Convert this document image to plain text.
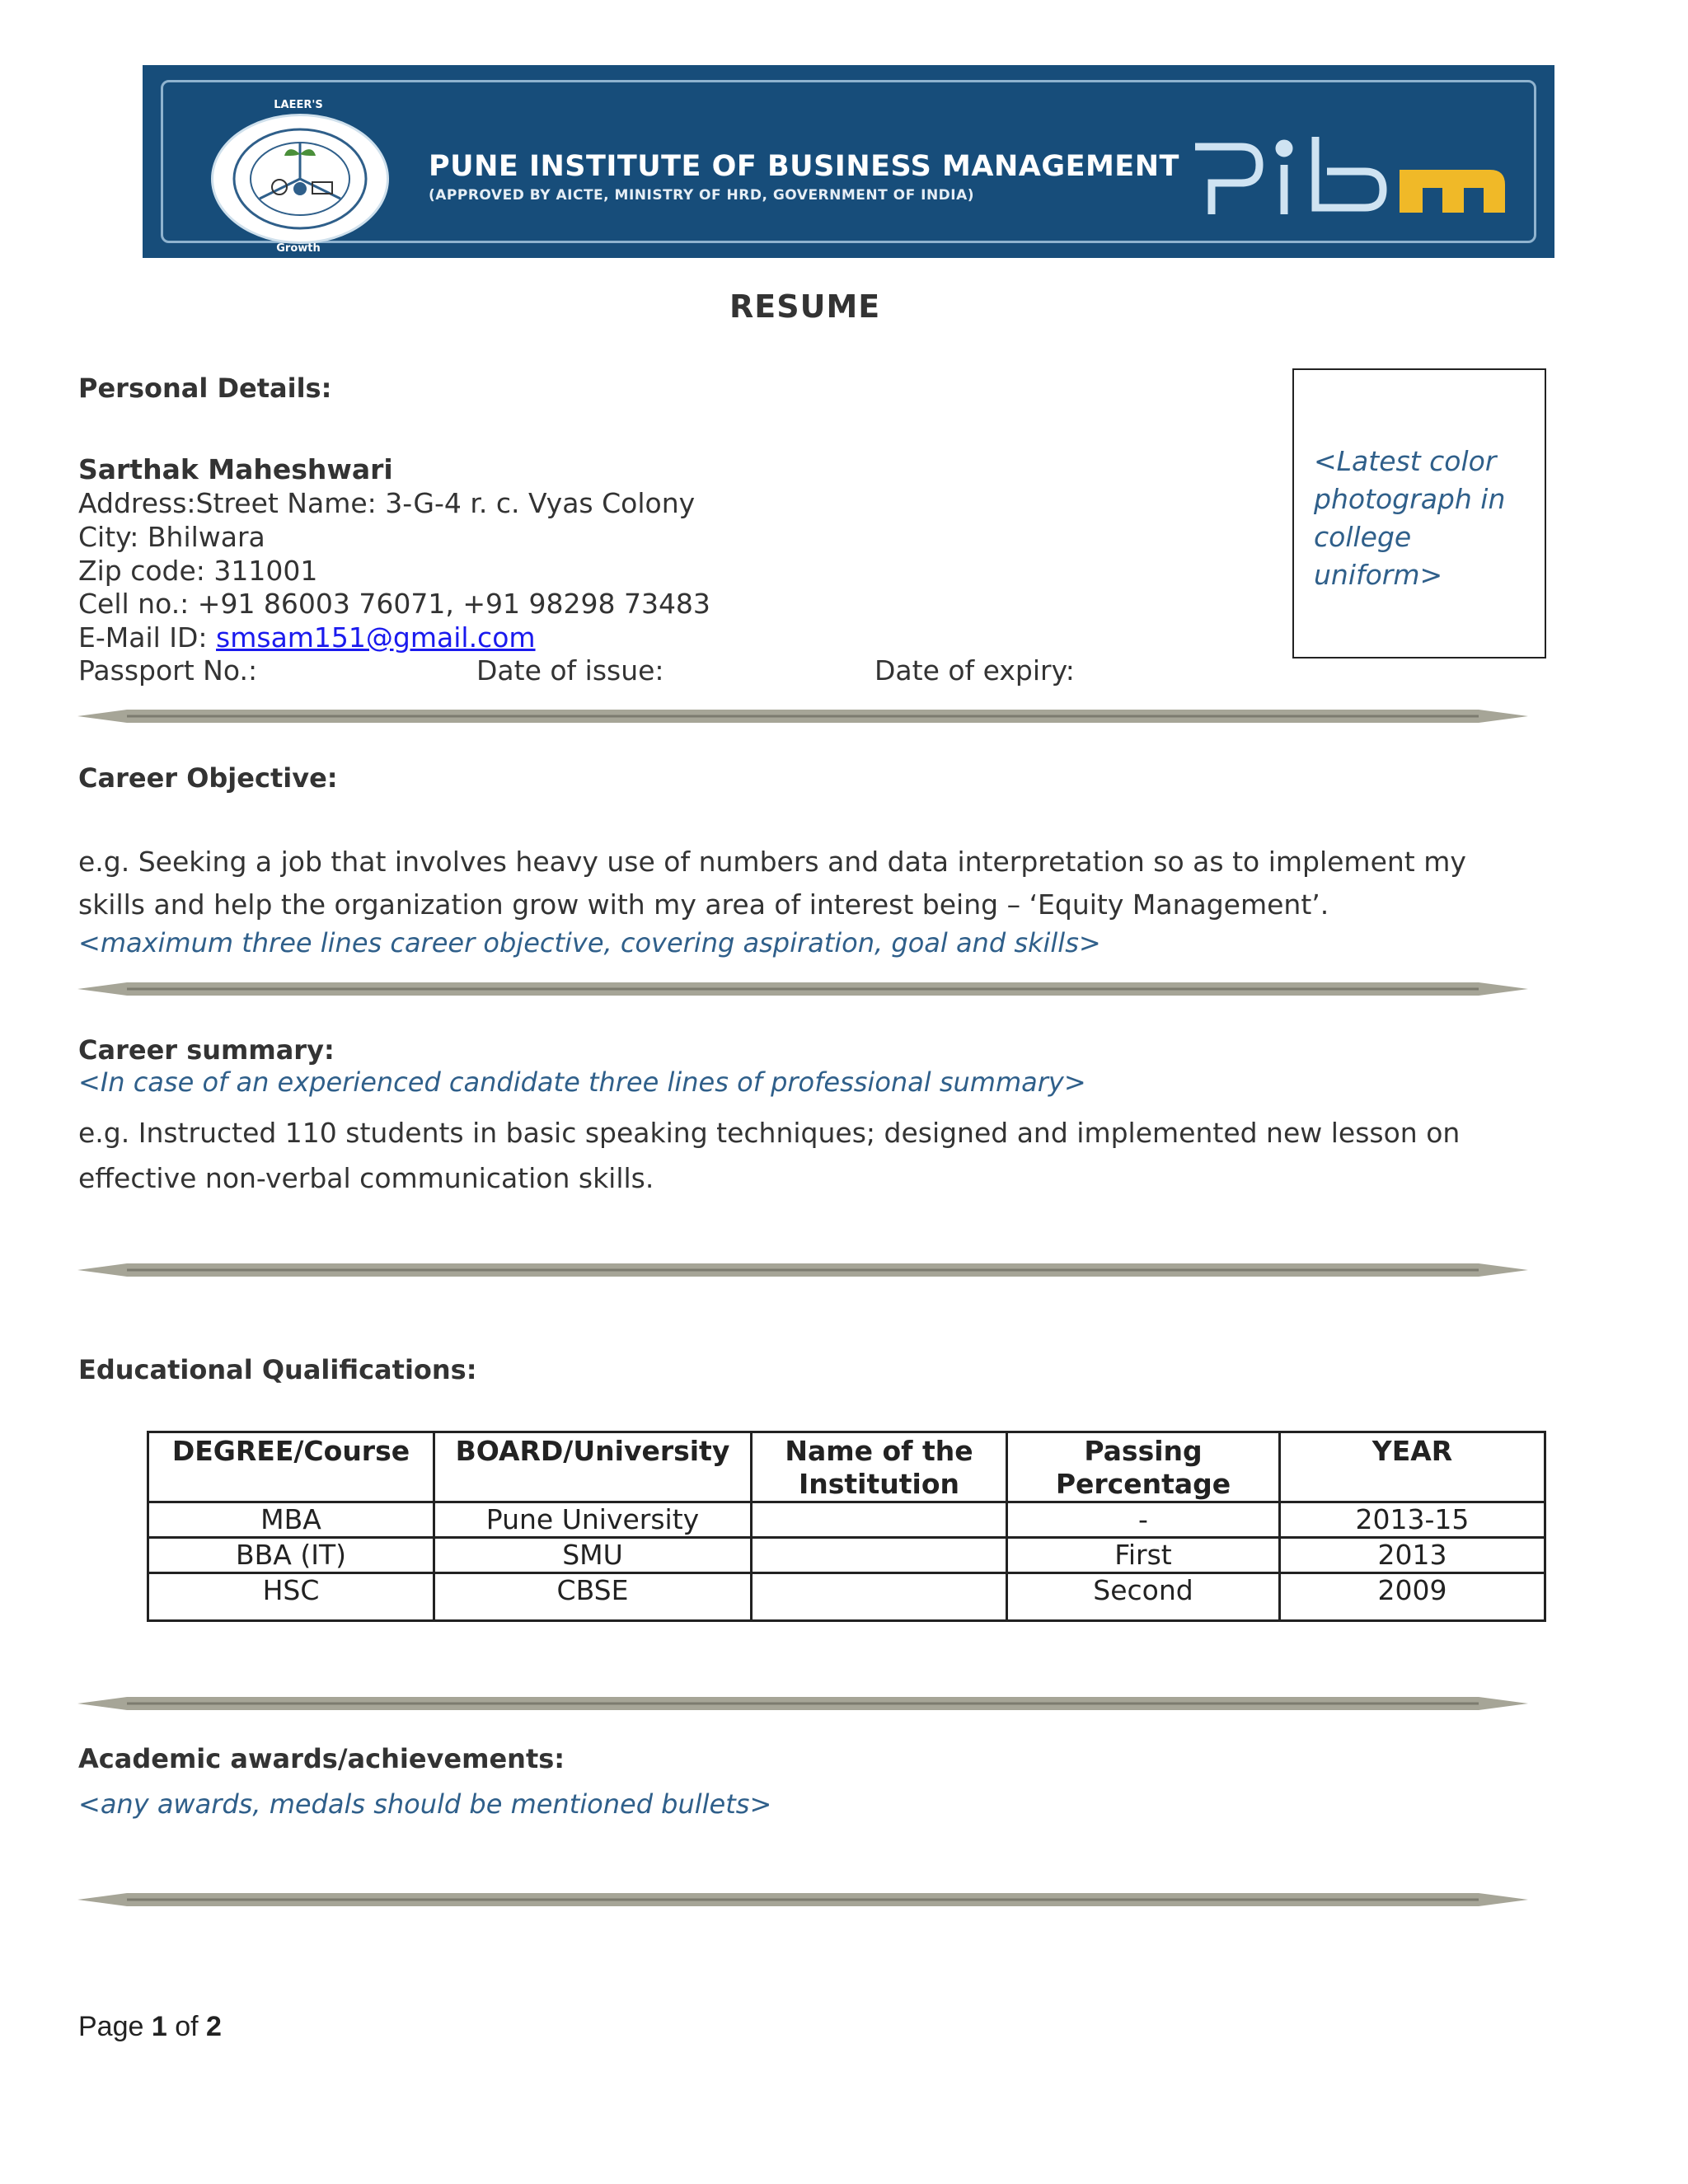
LAEER'S
Growth
PUNE INSTITUTE OF BUSINESS MANAGEMENT
(APPROVED BY AICTE, MINISTRY OF HRD, GOVERNMENT OF INDIA)
RESUME
Personal Details:
Sarthak Maheshwari
Address:Street Name: 3-G-4 r. c. Vyas Colony
City: Bhilwara
Zip code: 311001
Cell no.: +91 86003 76071, +91 98298 73483
E-Mail ID: smsam151@gmail.com
Passport No.:	Date of issue:	Date of expiry:
<Latest color photograph in college uniform>
Career Objective:
e.g. Seeking a job that involves heavy use of numbers and data interpretation so as to implement my
skills and help the organization grow with my area of interest being – ‘Equity Management’.
<maximum three lines career objective, covering aspiration, goal and skills>
Career summary:
<In case of an experienced candidate three lines of professional summary>
e.g. Instructed 110 students in basic speaking techniques; designed and implemented new lesson on
effective non-verbal communication skills.
Educational Qualifications:
DEGREE/Course	BOARD/University	Name of the Institution	Passing Percentage	YEAR
MBA	Pune University		-	2013-15
BBA (IT)	SMU		First	2013
HSC	CBSE		Second	2009
Academic awards/achievements:
<any awards, medals should be mentioned bullets>
Page 1 of 2
